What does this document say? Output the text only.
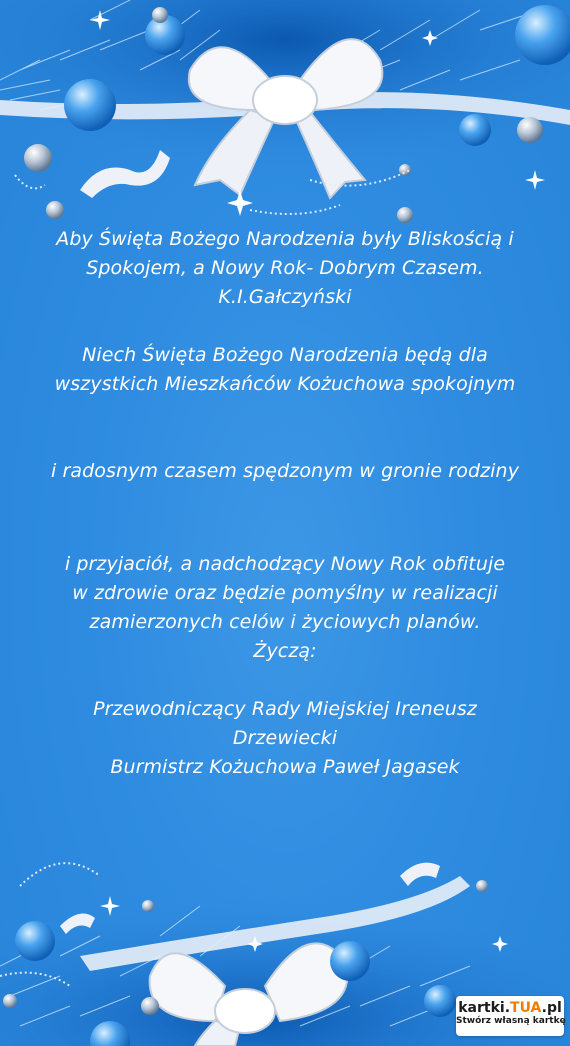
Aby Święta Bożego Narodzenia były Bliskością i

Spokojem, a Nowy Rok- Dobrym Czasem.

K.I.Gałczyński

Niech Święta Bożego Narodzenia będą dla

wszystkich Mieszkańców Kożuchowa spokojnym

i radosnym czasem spędzonym w gronie rodziny

i przyjaciół, a nadchodzący Nowy Rok obfituje

w zdrowie oraz będzie pomyślny w realizacji

zamierzonych celów i życiowych planów.

Życzą:

Przewodniczący Rady Miejskiej Ireneusz

Drzewiecki

Burmistrz Kożuchowa Paweł Jagasek

kartki.TUA.pl
Stwórz własną kartkę
